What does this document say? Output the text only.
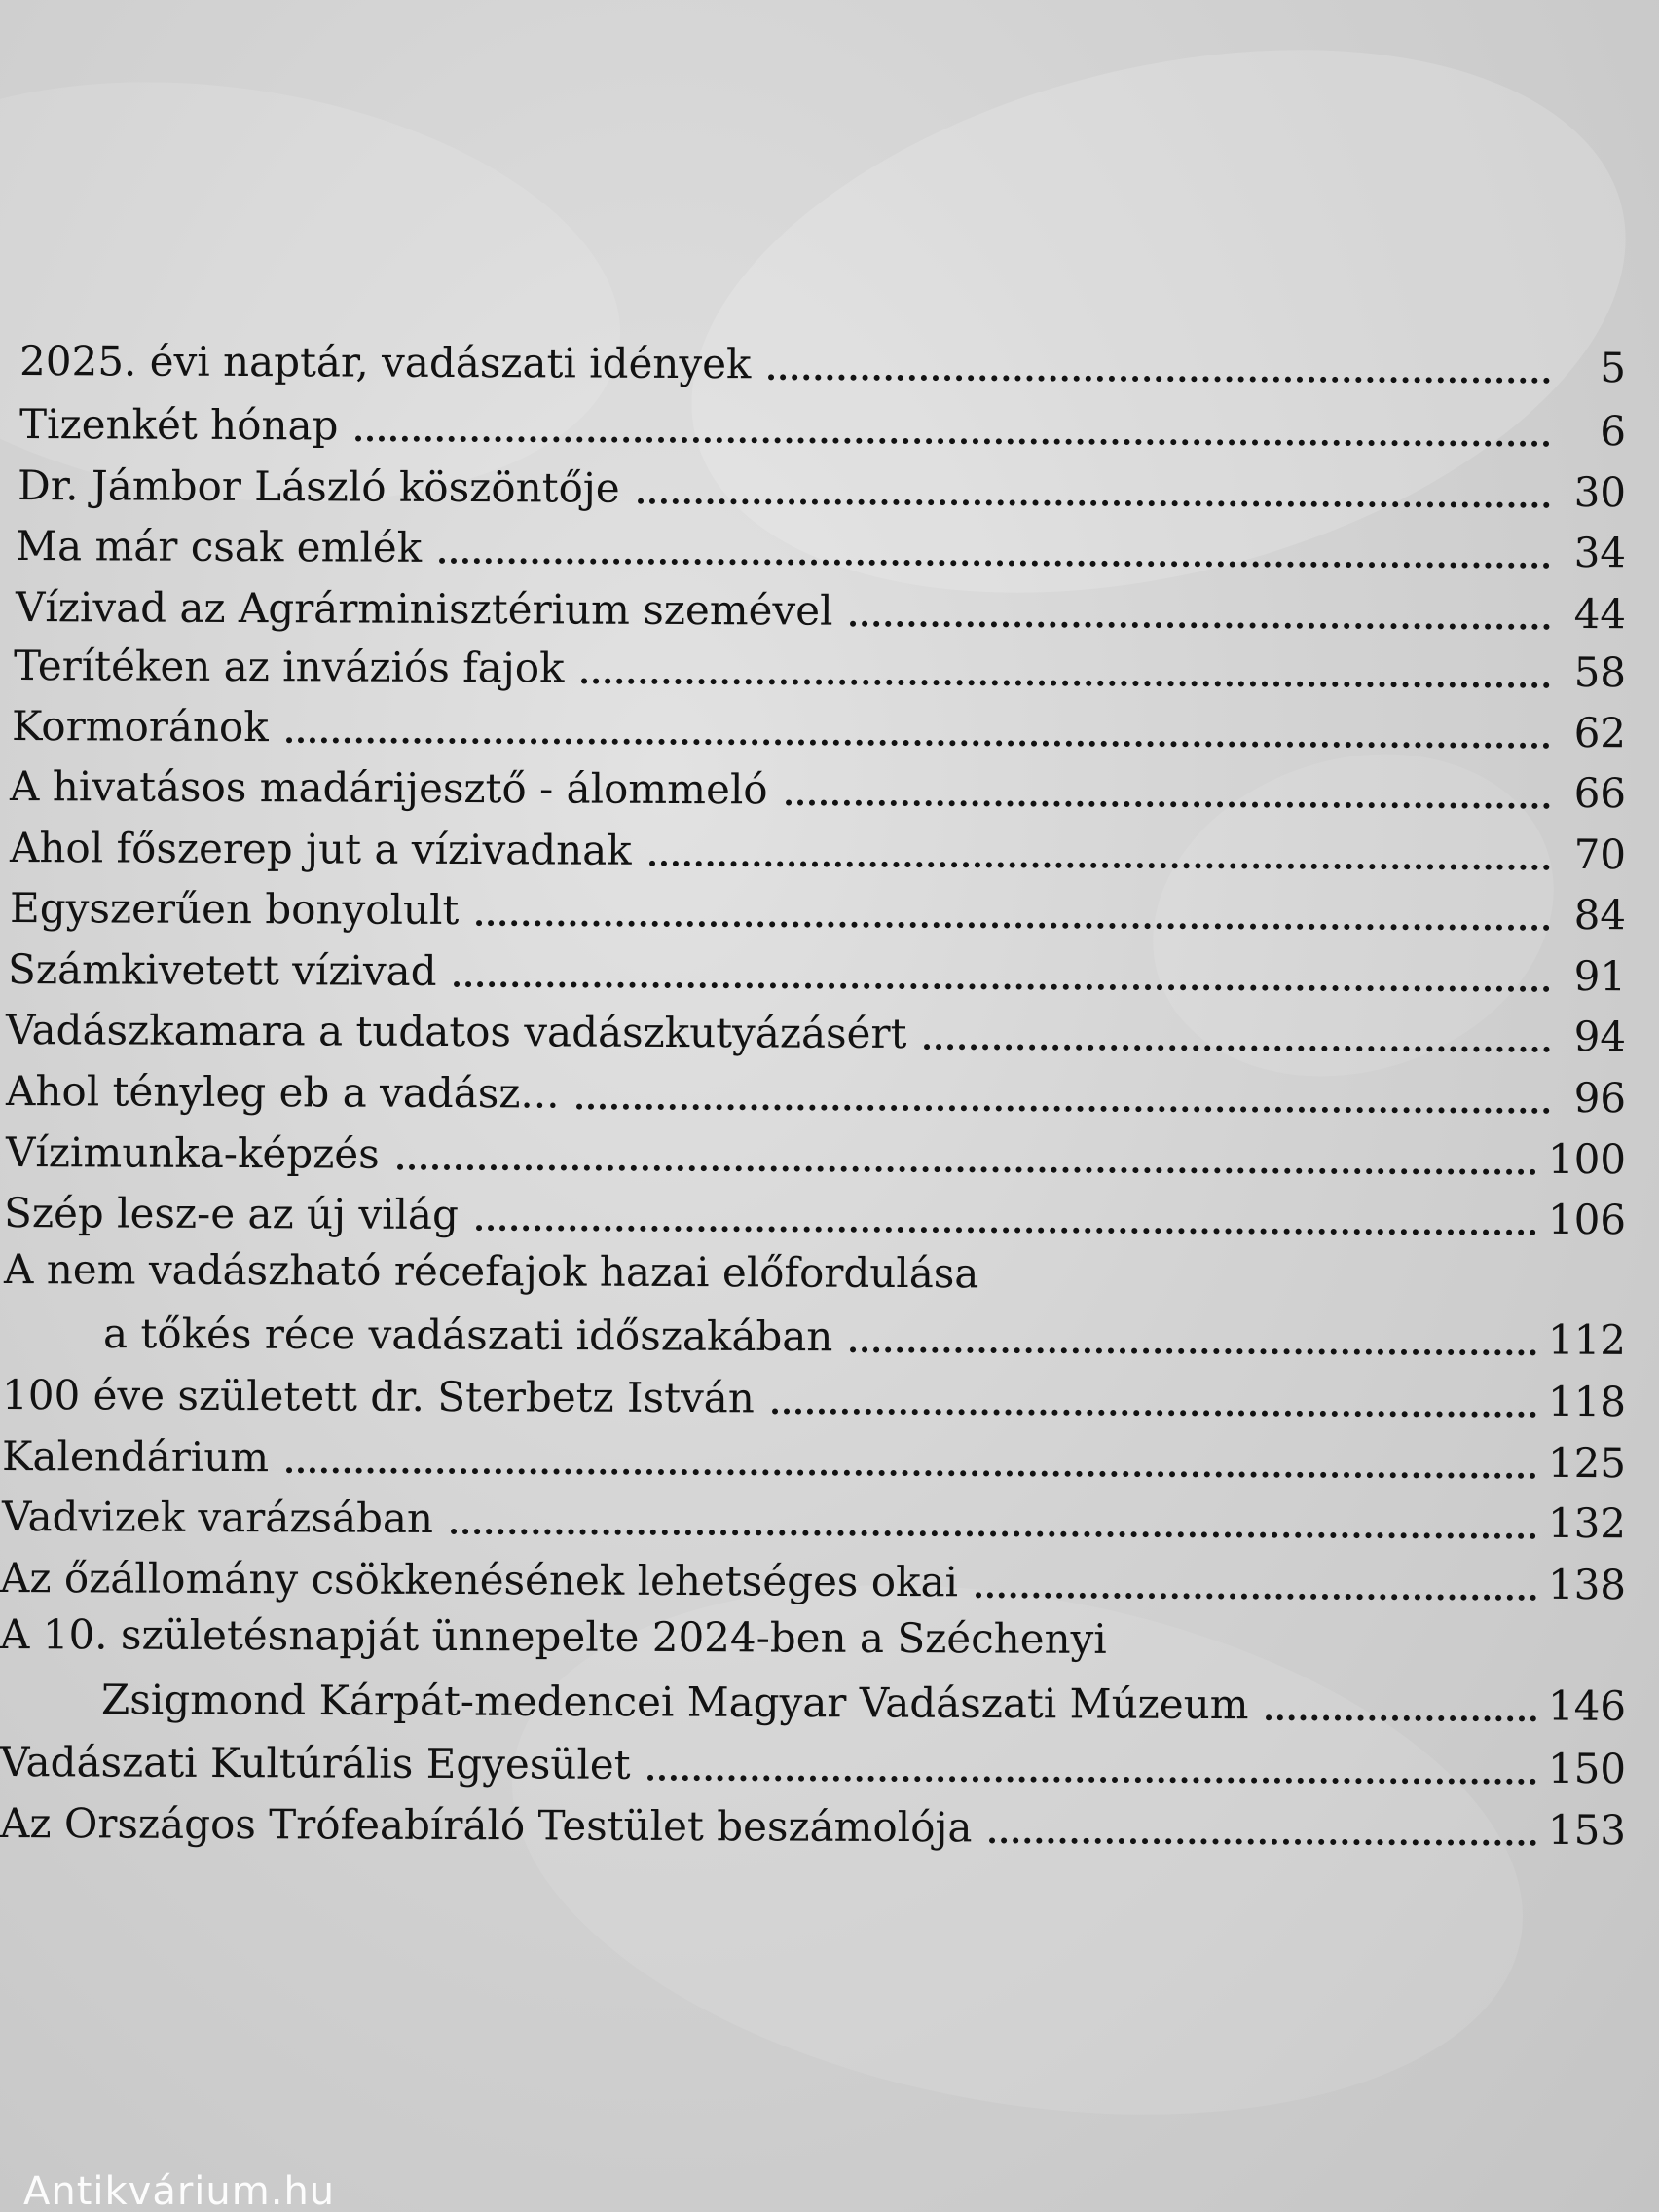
2025. évi naptár, vadászati idények	5
Tizenkét hónap	6
Dr. Jámbor László köszöntője	30
Ma már csak emlék	34
Vízivad az Agrárminisztérium szemével	44
Terítéken az inváziós fajok	58
Kormoránok	62
A hivatásos madárijesztő - álommeló	66
Ahol főszerep jut a vízivadnak	70
Egyszerűen bonyolult	84
Számkivetett vízivad	91
Vadászkamara a tudatos vadászkutyázásért	94
Ahol tényleg eb a vadász...	96
Vízimunka-képzés	100
Szép lesz-e az új világ	106
A nem vadászható récefajok hazai előfordulása
a tőkés réce vadászati időszakában	112
100 éve született dr. Sterbetz István	118
Kalendárium	125
Vadvizek varázsában	132
Az őzállomány csökkenésének lehetséges okai	138
A 10. születésnapját ünnepelte 2024-ben a Széchenyi
Zsigmond Kárpát-medencei Magyar Vadászati Múzeum	146
Vadászati Kultúrális Egyesület	150
Az Országos Trófeabíráló Testület beszámolója	153
Antikvárium.hu
